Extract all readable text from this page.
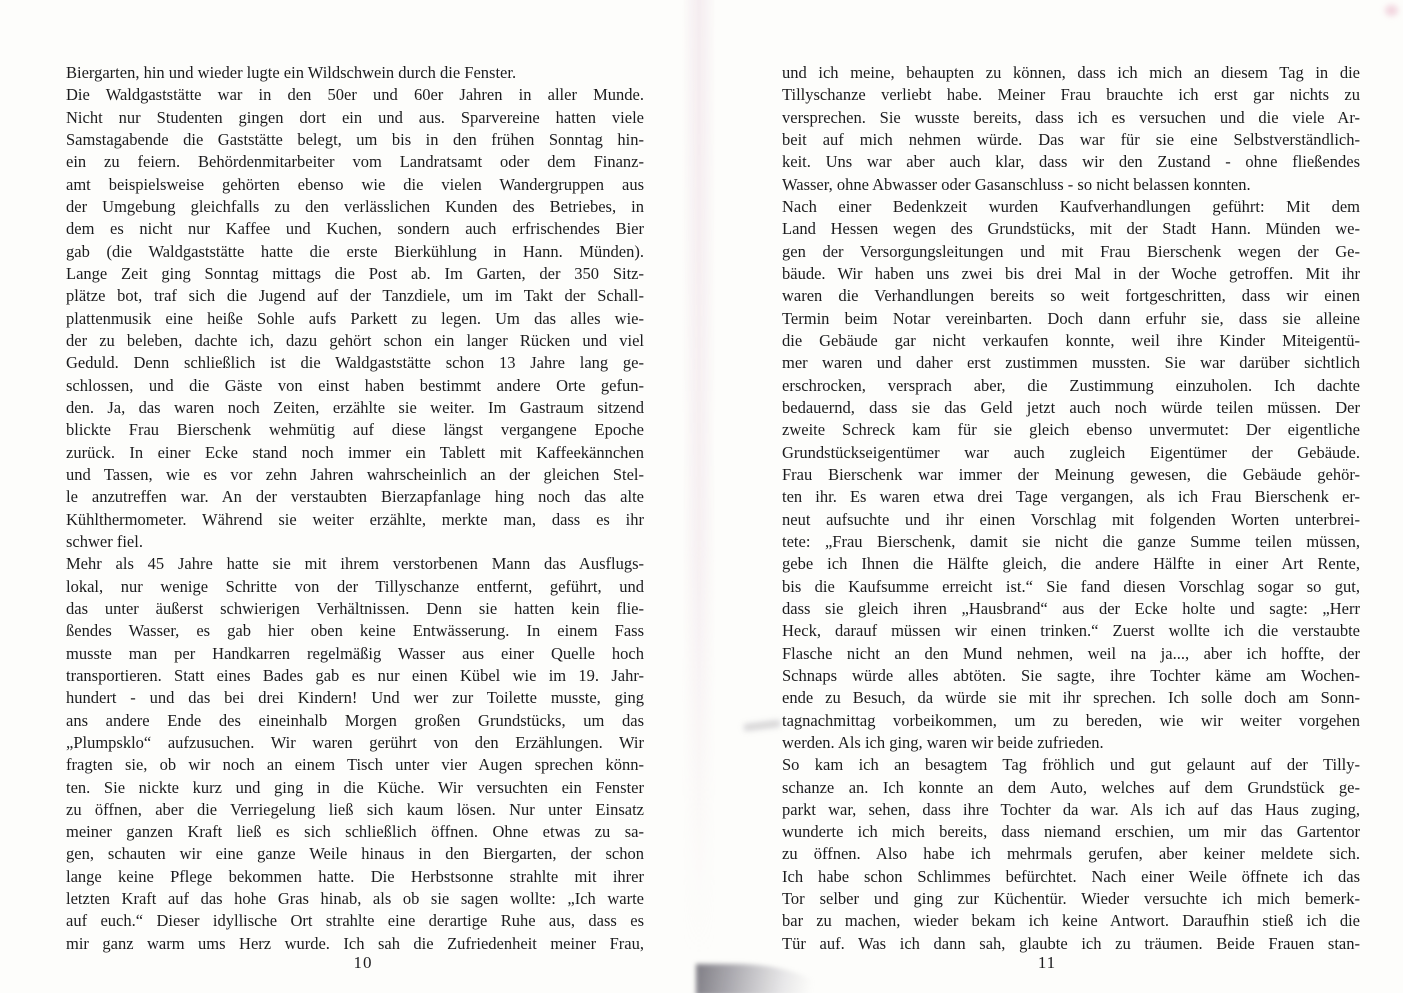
Biergarten, hin und wieder lugte ein Wildschwein durch die Fenster.
Die Waldgaststätte war in den 50er und 60er Jahren in aller Munde.
Nicht nur Studenten gingen dort ein und aus. Sparvereine hatten viele
Samstagabende die Gaststätte belegt, um bis in den frühen Sonntag hin-
ein zu feiern. Behördenmitarbeiter vom Landratsamt oder dem Finanz-
amt beispielsweise gehörten ebenso wie die vielen Wandergruppen aus
der Umgebung gleichfalls zu den verlässlichen Kunden des Betriebes, in
dem es nicht nur Kaffee und Kuchen, sondern auch erfrischendes Bier
gab (die Waldgaststätte hatte die erste Bierkühlung in Hann. Münden).
Lange Zeit ging Sonntag mittags die Post ab. Im Garten, der 350 Sitz-
plätze bot, traf sich die Jugend auf der Tanzdiele, um im Takt der Schall-
plattenmusik eine heiße Sohle aufs Parkett zu legen. Um das alles wie-
der zu beleben, dachte ich, dazu gehört schon ein langer Rücken und viel
Geduld. Denn schließlich ist die Waldgaststätte schon 13 Jahre lang ge-
schlossen, und die Gäste von einst haben bestimmt andere Orte gefun-
den. Ja, das waren noch Zeiten, erzählte sie weiter. Im Gastraum sitzend
blickte Frau Bierschenk wehmütig auf diese längst vergangene Epoche
zurück. In einer Ecke stand noch immer ein Tablett mit Kaffeekännchen
und Tassen, wie es vor zehn Jahren wahrscheinlich an der gleichen Stel-
le anzutreffen war. An der verstaubten Bierzapfanlage hing noch das alte
Kühlthermometer. Während sie weiter erzählte, merkte man, dass es ihr
schwer fiel.
Mehr als 45 Jahre hatte sie mit ihrem verstorbenen Mann das Ausflugs-
lokal, nur wenige Schritte von der Tillyschanze entfernt, geführt, und
das unter äußerst schwierigen Verhältnissen. Denn sie hatten kein flie-
ßendes Wasser, es gab hier oben keine Entwässerung. In einem Fass
musste man per Handkarren regelmäßig Wasser aus einer Quelle hoch
transportieren. Statt eines Bades gab es nur einen Kübel wie im 19. Jahr-
hundert - und das bei drei Kindern! Und wer zur Toilette musste, ging
ans andere Ende des eineinhalb Morgen großen Grundstücks, um das
„Plumpsklo“ aufzusuchen. Wir waren gerührt von den Erzählungen. Wir
fragten sie, ob wir noch an einem Tisch unter vier Augen sprechen könn-
ten. Sie nickte kurz und ging in die Küche. Wir versuchten ein Fenster
zu öffnen, aber die Verriegelung ließ sich kaum lösen. Nur unter Einsatz
meiner ganzen Kraft ließ es sich schließlich öffnen. Ohne etwas zu sa-
gen, schauten wir eine ganze Weile hinaus in den Biergarten, der schon
lange keine Pflege bekommen hatte. Die Herbstsonne strahlte mit ihrer
letzten Kraft auf das hohe Gras hinab, als ob sie sagen wollte: „Ich warte
auf euch.“ Dieser idyllische Ort strahlte eine derartige Ruhe aus, dass es
mir ganz warm ums Herz wurde. Ich sah die Zufriedenheit meiner Frau,
und ich meine, behaupten zu können, dass ich mich an diesem Tag in die
Tillyschanze verliebt habe. Meiner Frau brauchte ich erst gar nichts zu
versprechen. Sie wusste bereits, dass ich es versuchen und die viele Ar-
beit auf mich nehmen würde. Das war für sie eine Selbstverständlich-
keit. Uns war aber auch klar, dass wir den Zustand - ohne fließendes
Wasser, ohne Abwasser oder Gasanschluss - so nicht belassen konnten.
Nach einer Bedenkzeit wurden Kaufverhandlungen geführt: Mit dem
Land Hessen wegen des Grundstücks, mit der Stadt Hann. Münden we-
gen der Versorgungsleitungen und mit Frau Bierschenk wegen der Ge-
bäude. Wir haben uns zwei bis drei Mal in der Woche getroffen. Mit ihr
waren die Verhandlungen bereits so weit fortgeschritten, dass wir einen
Termin beim Notar vereinbarten. Doch dann erfuhr sie, dass sie alleine
die Gebäude gar nicht verkaufen konnte, weil ihre Kinder Miteigentü-
mer waren und daher erst zustimmen mussten. Sie war darüber sichtlich
erschrocken, versprach aber, die Zustimmung einzuholen. Ich dachte
bedauernd, dass sie das Geld jetzt auch noch würde teilen müssen. Der
zweite Schreck kam für sie gleich ebenso unvermutet: Der eigentliche
Grundstückseigentümer war auch zugleich Eigentümer der Gebäude.
Frau Bierschenk war immer der Meinung gewesen, die Gebäude gehör-
ten ihr. Es waren etwa drei Tage vergangen, als ich Frau Bierschenk er-
neut aufsuchte und ihr einen Vorschlag mit folgenden Worten unterbrei-
tete: „Frau Bierschenk, damit sie nicht die ganze Summe teilen müssen,
gebe ich Ihnen die Hälfte gleich, die andere Hälfte in einer Art Rente,
bis die Kaufsumme erreicht ist.“ Sie fand diesen Vorschlag sogar so gut,
dass sie gleich ihren „Hausbrand“ aus der Ecke holte und sagte: „Herr
Heck, darauf müssen wir einen trinken.“ Zuerst wollte ich die verstaubte
Flasche nicht an den Mund nehmen, weil na ja..., aber ich hoffte, der
Schnaps würde alles abtöten. Sie sagte, ihre Tochter käme am Wochen-
ende zu Besuch, da würde sie mit ihr sprechen. Ich solle doch am Sonn-
tagnachmittag vorbeikommen, um zu bereden, wie wir weiter vorgehen
werden. Als ich ging, waren wir beide zufrieden.
So kam ich an besagtem Tag fröhlich und gut gelaunt auf der Tilly-
schanze an. Ich konnte an dem Auto, welches auf dem Grundstück ge-
parkt war, sehen, dass ihre Tochter da war. Als ich auf das Haus zuging,
wunderte ich mich bereits, dass niemand erschien, um mir das Gartentor
zu öffnen. Also habe ich mehrmals gerufen, aber keiner meldete sich.
Ich habe schon Schlimmes befürchtet. Nach einer Weile öffnete ich das
Tor selber und ging zur Küchentür. Wieder versuchte ich mich bemerk-
bar zu machen, wieder bekam ich keine Antwort. Daraufhin stieß ich die
Tür auf. Was ich dann sah, glaubte ich zu träumen. Beide Frauen stan-
10	11
